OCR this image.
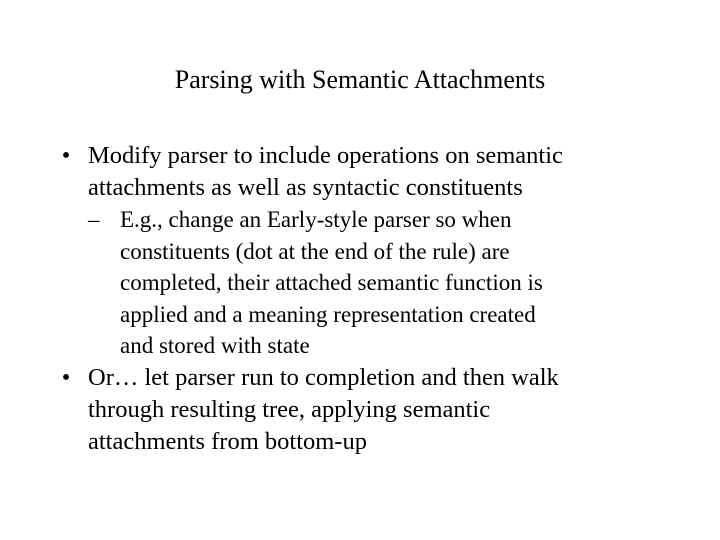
Parsing with Semantic Attachments
• Modify parser to include operations on semantic
attachments as well as syntactic constituents
– E.g., change an Early-style parser so when
constituents (dot at the end of the rule) are
completed, their attached semantic function is
applied and a meaning representation created
and stored with state
• Or… let parser run to completion and then walk
through resulting tree, applying semantic
attachments from bottom-up
